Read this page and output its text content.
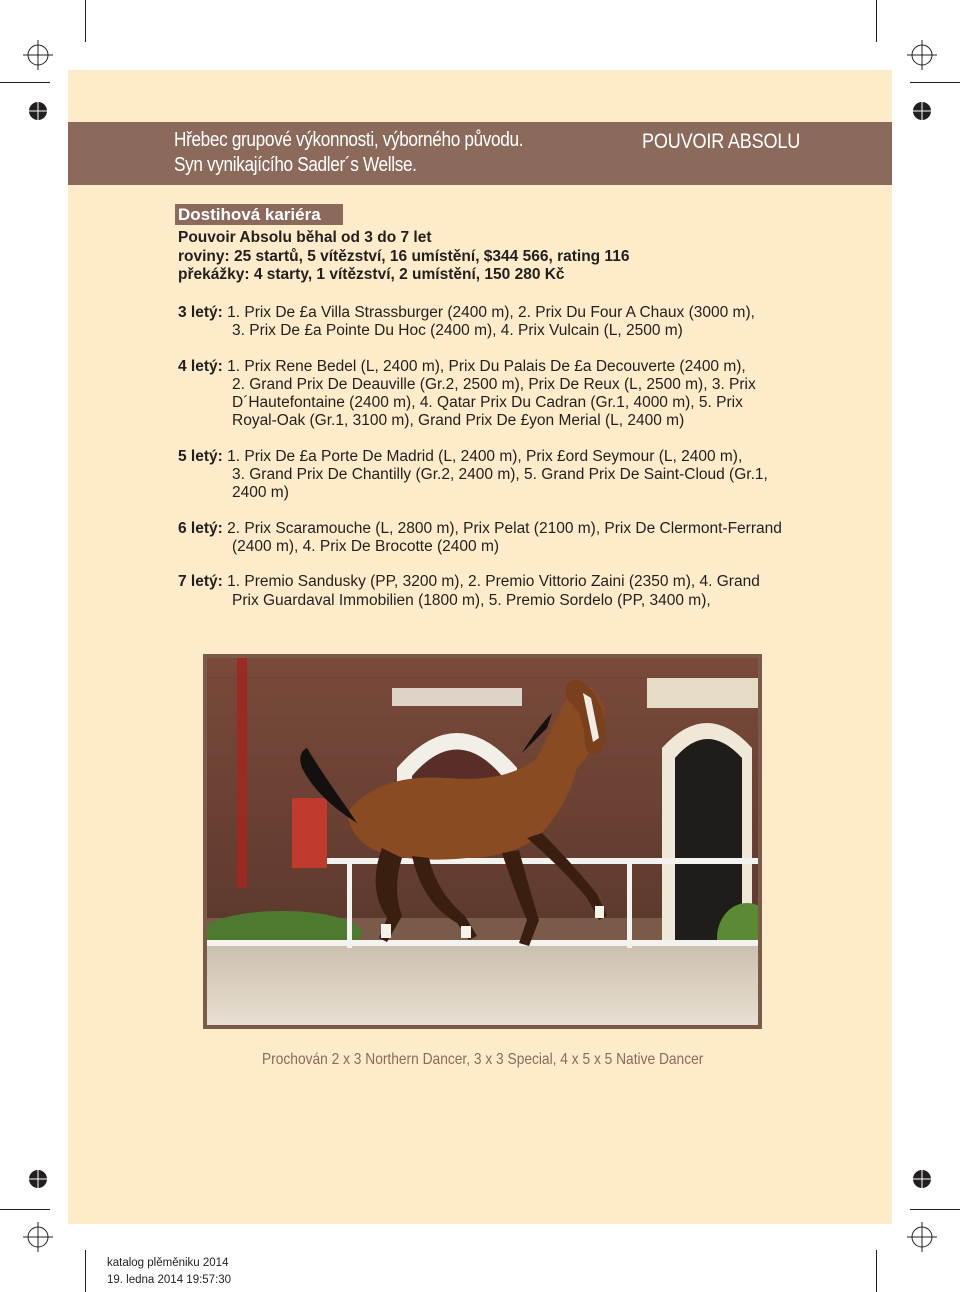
Hřebec grupové výkonnosti, výborného původu.
Syn vynikajícího Sadler´s Wellse.
POUVOIR ABSOLU
Dostihová kariéra
Pouvoir Absolu běhal od 3 do 7 let
roviny: 25 startů, 5 vítězství, 16 umístění, $344 566, rating 116
překážky: 4 starty, 1 vítězství, 2 umístění, 150 280 Kč
3 letý: 1. Prix De £a Villa Strassburger (2400 m), 2. Prix Du Four A Chaux (3000 m),
3. Prix De £a Pointe Du Hoc (2400 m), 4. Prix Vulcain (L, 2500 m)
4 letý: 1. Prix Rene Bedel (L, 2400 m), Prix Du Palais De £a Decouverte (2400 m),
2. Grand Prix De Deauville (Gr.2, 2500 m), Prix De Reux (L, 2500 m), 3. Prix
D´Hautefontaine (2400 m), 4. Qatar Prix Du Cadran (Gr.1, 4000 m), 5. Prix
Royal-Oak (Gr.1, 3100 m), Grand Prix De £yon Merial (L, 2400 m)
5 letý: 1. Prix De £a Porte De Madrid (L, 2400 m), Prix £ord Seymour (L, 2400 m),
3. Grand Prix De Chantilly (Gr.2, 2400 m), 5. Grand Prix De Saint-Cloud (Gr.1,
2400 m)
6 letý: 2. Prix Scaramouche (L, 2800 m), Prix Pelat (2100 m), Prix De Clermont-Ferrand
(2400 m), 4. Prix De Brocotte (2400 m)
7 letý: 1. Premio Sandusky (PP, 3200 m), 2. Premio Vittorio Zaini (2350 m), 4. Grand
Prix Guardaval Immobilien (1800 m), 5. Premio Sordelo (PP, 3400 m),
Prochován 2 x 3 Northern Dancer, 3 x 3 Special, 4 x 5 x 5 Native Dancer
katalog plěměniku 2014
19. ledna 2014 19:57:30
